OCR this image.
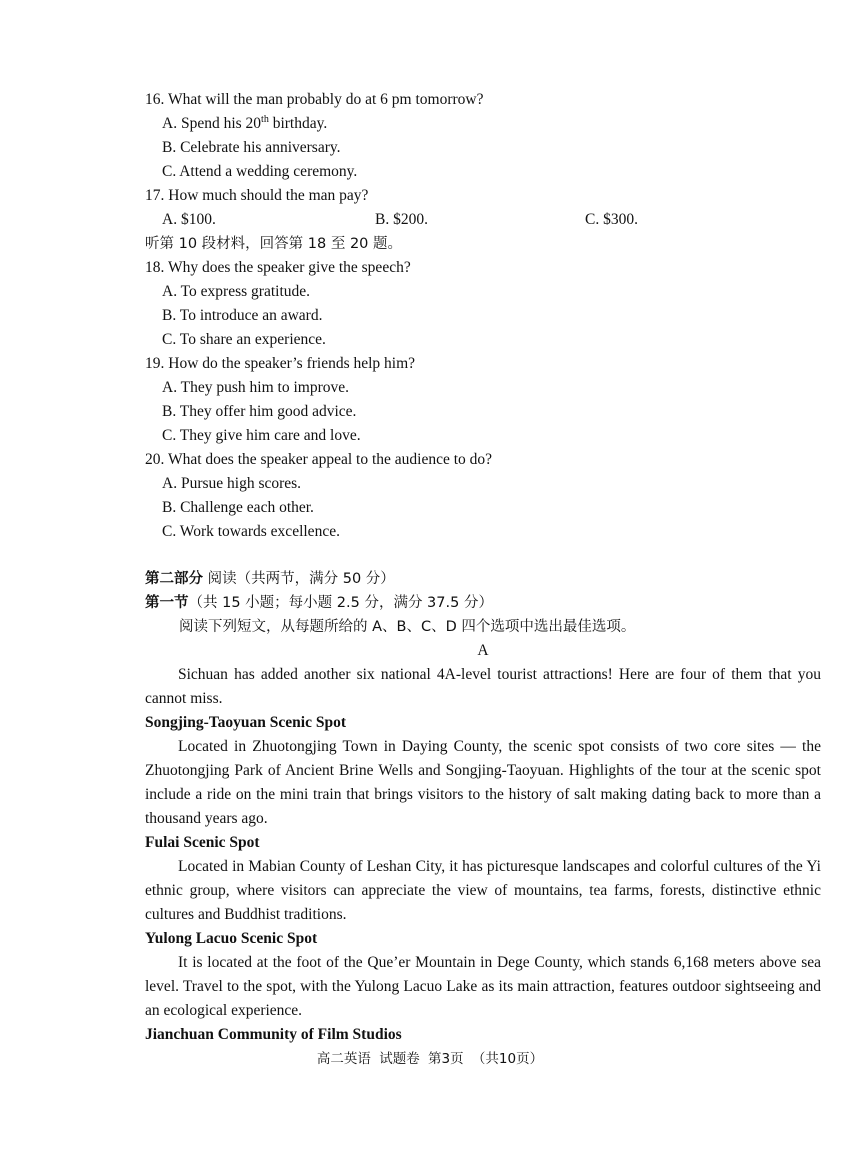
16. What will the man probably do at 6 pm tomorrow?
A. Spend his 20th birthday.
B. Celebrate his anniversary.
C. Attend a wedding ceremony.
17. How much should the man pay?
A. $100.	B. $200.	C. $300.
听第 10 段材料，回答第 18 至 20 题。
18. Why does the speaker give the speech?
A. To express gratitude.
B. To introduce an award.
C. To share an experience.
19. How do the speaker’s friends help him?
A. They push him to improve.
B. They offer him good advice.
C. They give him care and love.
20. What does the speaker appeal to the audience to do?
A. Pursue high scores.
B. Challenge each other.
C. Work towards excellence.
第二部分 阅读（共两节，满分 50 分）
第一节（共 15 小题；每小题 2.5 分，满分 37.5 分）
阅读下列短文，从每题所给的 A、B、C、D 四个选项中选出最佳选项。
A
Sichuan has added another six national 4A-level tourist attractions! Here are four of them that you cannot miss.
Songjing-Taoyuan Scenic Spot
Located in Zhuotongjing Town in Daying County, the scenic spot consists of two core sites — the Zhuotongjing Park of Ancient Brine Wells and Songjing-Taoyuan. Highlights of the tour at the scenic spot include a ride on the mini train that brings visitors to the history of salt making dating back to more than a thousand years ago.
Fulai Scenic Spot
Located in Mabian County of Leshan City, it has picturesque landscapes and colorful cultures of the Yi ethnic group, where visitors can appreciate the view of mountains, tea farms, forests, distinctive ethnic cultures and Buddhist traditions.
Yulong Lacuo Scenic Spot
It is located at the foot of the Que’er Mountain in Dege County, which stands 6,168 meters above sea level. Travel to the spot, with the Yulong Lacuo Lake as its main attraction, features outdoor sightseeing and an ecological experience.
Jianchuan Community of Film Studios
高二英语 试题卷 第3页 （共10页）
